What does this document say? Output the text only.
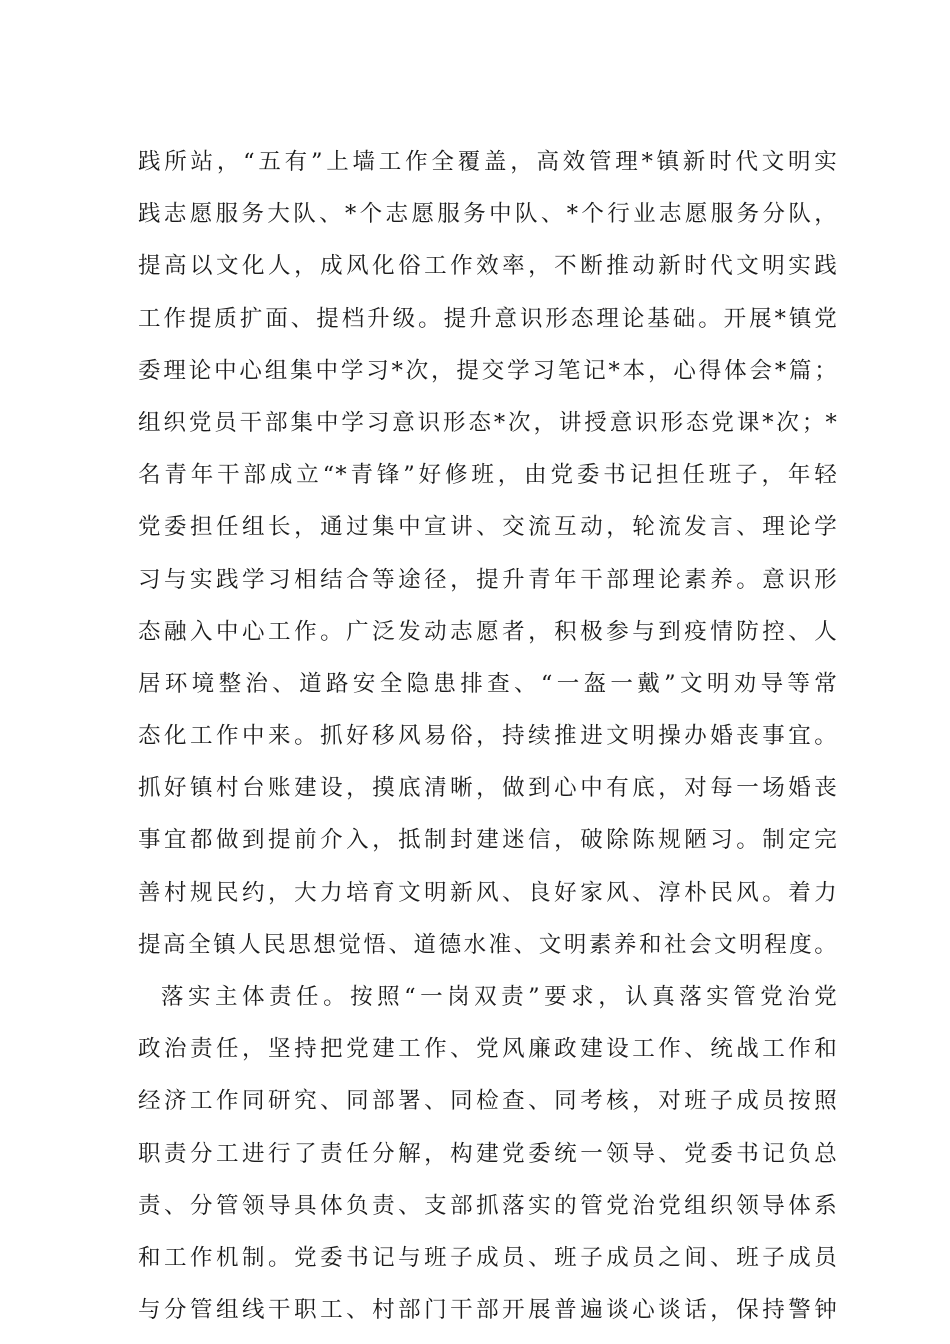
践所站，“五有”上墙工作全覆盖，高效管理*镇新时代文明实
践志愿服务大队、*个志愿服务中队、*个行业志愿服务分队，
提高以文化人，成风化俗工作效率，不断推动新时代文明实践
工作提质扩面、提档升级。提升意识形态理论基础。开展*镇党
委理论中心组集中学习*次，提交学习笔记*本，心得体会*篇；
组织党员干部集中学习意识形态*次，讲授意识形态党课*次；*
名青年干部成立“*青锋”好修班，由党委书记担任班子，年轻
党委担任组长，通过集中宣讲、交流互动，轮流发言、理论学
习与实践学习相结合等途径，提升青年干部理论素养。意识形
态融入中心工作。广泛发动志愿者，积极参与到疫情防控、人
居环境整治、道路安全隐患排查、“一盔一戴”文明劝导等常
态化工作中来。抓好移风易俗，持续推进文明操办婚丧事宜。
抓好镇村台账建设，摸底清晰，做到心中有底，对每一场婚丧
事宜都做到提前介入，抵制封建迷信，破除陈规陋习。制定完
善村规民约，大力培育文明新风、良好家风、淳朴民风。着力
提高全镇人民思想觉悟、道德水准、文明素养和社会文明程度。
落实主体责任。按照“一岗双责”要求，认真落实管党治党
政治责任，坚持把党建工作、党风廉政建设工作、统战工作和
经济工作同研究、同部署、同检查、同考核，对班子成员按照
职责分工进行了责任分解，构建党委统一领导、党委书记负总
责、分管领导具体负责、支部抓落实的管党治党组织领导体系
和工作机制。党委书记与班子成员、班子成员之间、班子成员
与分管组线干职工、村部门干部开展普遍谈心谈话，保持警钟
